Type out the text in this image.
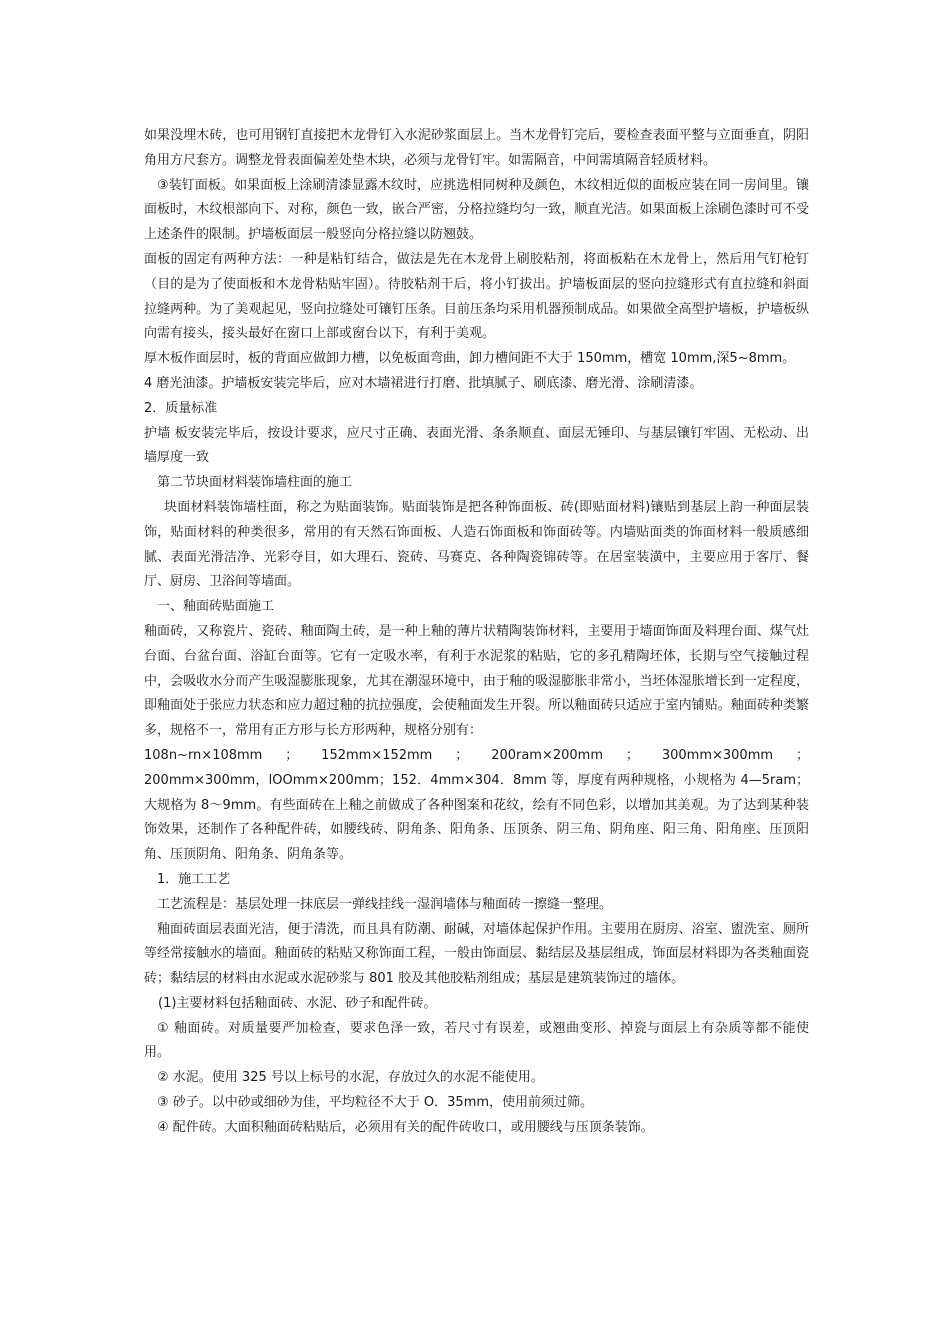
如果没埋木砖，也可用钢钉直接把木龙骨钉入水泥砂浆面层上。当木龙骨钉完后，要检查表面平整与立面垂直，阴阳角用方尺套方。调整龙骨表面偏差处垫木块，必须与龙骨钉牢。如需隔音，中间需填隔音轻质材料。

③装钉面板。如果面板上涂刷清漆显露木纹时，应挑选相同树种及颜色，木纹相近似的面板应装在同一房间里。镶面板时，木纹根部向下、对称，颜色一致，嵌合严密，分格拉缝均匀一致，顺直光洁。如果面板上涂刷色漆时可不受上述条件的限制。护墙板面层一般竖向分格拉缝以防翘鼓。

面板的固定有两种方法：一种是粘钉结合，做法是先在木龙骨上刷胶粘剂，将面板粘在木龙骨上，然后用气钉枪钉（目的是为了使面板和木龙骨粘贴牢固）。待胶粘剂干后，将小钉拔出。护墙板面层的竖向拉缝形式有直拉缝和斜面拉缝两种。为了美观起见，竖向拉缝处可镶钉压条。目前压条均采用机器预制成品。如果做全高型护墙板，护墙板纵向需有接头，接头最好在窗口上部或窗台以下，有利于美观。

厚木板作面层时，板的背面应做卸力槽，以免板面弯曲，卸力槽间距不大于 150mm，槽宽 10mm,深5~8mm。

4 磨光油漆。护墙板安装完毕后，应对木墙裙进行打磨、批填腻子、刷底漆、磨光滑、涂刷清漆。

2．质量标准

护墙 板安装完毕后，按设计要求，应尺寸正确、表面光滑、条条顺直、面层无锤印、与基层镶钉牢固、无松动、出墙厚度一致

第二节块面材料装饰墙柱面的施工

块面材料装饰墙柱面，称之为贴面装饰。贴面装饰是把各种饰面板、砖(即贴面材料)镶贴到基层上韵一种面层装饰，贴面材料的种类很多，常用的有天然石饰面板、人造石饰面板和饰面砖等。内墙贴面类的饰面材料一般质感细腻、表面光滑洁净、光彩夺目，如大理石、瓷砖、马赛克、各种陶瓷锦砖等。在居室装潢中，主要应用于客厅、餐厅、厨房、卫浴间等墙面。

一、釉面砖贴面施工

釉面砖，又称瓷片、瓷砖、釉面陶土砖，是一种上釉的薄片状精陶装饰材料，主要用于墙面饰面及料理台面、煤气灶台面、台盆台面、浴缸台面等。它有一定吸水率，有利于水泥浆的粘贴，它的多孔精陶坯体，长期与空气接触过程中，会吸收水分而产生吸湿膨胀现象，尤其在潮湿环境中，由于釉的吸湿膨胀非常小，当坯体湿胀增长到一定程度，即釉面处于张应力状态和应力超过釉的抗拉强度，会使釉面发生开裂。所以釉面砖只适应于室内铺贴。釉面砖种类繁多，规格不一，常用有正方形与长方形两种，规格分别有：

108n~rn×108mm ； 152mm×152mm ； 200ram×200mm ； 300mm×300mm ；

200mm×300mm，lOOmm×200mm；152．4mm×304．8mm 等，厚度有两种规格，小规格为 4—5ram；大规格为 8～9mm。有些面砖在上釉之前做成了各种图案和花纹，绘有不同色彩，以增加其美观。为了达到某种装饰效果，还制作了各种配件砖，如腰线砖、阴角条、阳角条、压顶条、阴三角、阴角座、阳三角、阳角座、压顶阳角、压顶阴角、阳角条、阴角条等。

1．施工工艺

工艺流程是：基层处理一抹底层一弹线挂线一湿润墙体与釉面砖一擦缝一整理。

釉面砖面层表面光洁，便于清洗，而且具有防潮、耐碱，对墙体起保护作用。主要用在厨房、浴室、盥洗室、厕所等经常接触水的墙面。釉面砖的粘贴又称饰面工程，一般由饰面层、黏结层及基层组成，饰面层材料即为各类釉面瓷砖；黏结层的材料由水泥或水泥砂浆与 801 胶及其他胶粘剂组成；基层是建筑装饰过的墙体。

(1)主要材料包括釉面砖、水泥、砂子和配件砖。

① 釉面砖。对质量要严加检查，要求色泽一致，若尺寸有误差，或翘曲变形、掉瓷与面层上有杂质等都不能使用。

② 水泥。使用 325 号以上标号的水泥，存放过久的水泥不能使用。

③ 砂子。以中砂或细砂为佳，平均粒径不大于 O．35mm，使用前须过筛。

④ 配件砖。大面积釉面砖粘贴后，必须用有关的配件砖收口，或用腰线与压顶条装饰。
